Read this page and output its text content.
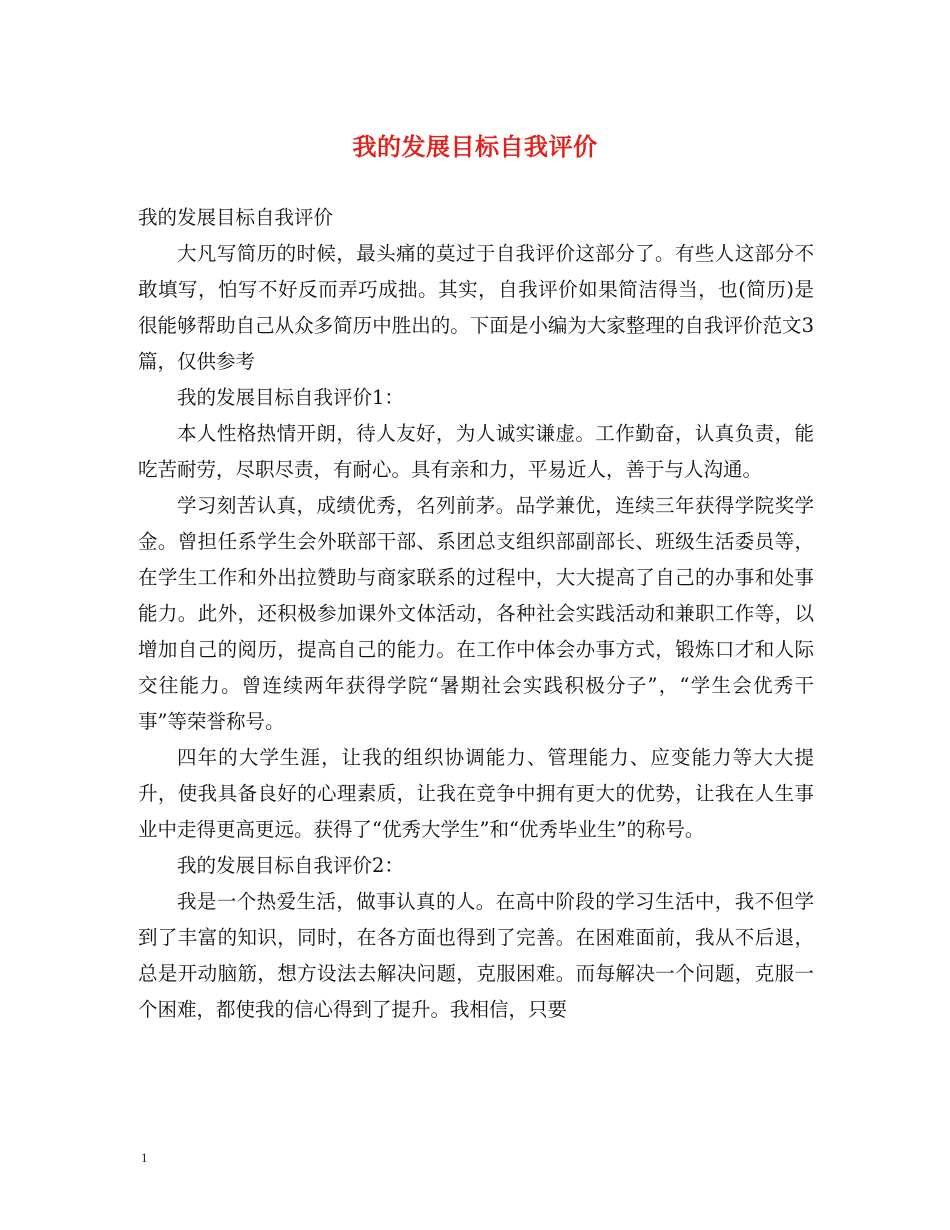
我的发展目标自我评价

我的发展目标自我评价

大凡写简历的时候，最头痛的莫过于自我评价这部分了。有些人这部分不敢填写，怕写不好反而弄巧成拙。其实，自我评价如果简洁得当，也(简历)是很能够帮助自己从众多简历中胜出的。下面是小编为大家整理的自我评价范文3篇，仅供参考

我的发展目标自我评价1：

本人性格热情开朗，待人友好，为人诚实谦虚。工作勤奋，认真负责，能吃苦耐劳，尽职尽责，有耐心。具有亲和力，平易近人，善于与人沟通。

学习刻苦认真，成绩优秀，名列前茅。品学兼优，连续三年获得学院奖学金。曾担任系学生会外联部干部、系团总支组织部副部长、班级生活委员等，在学生工作和外出拉赞助与商家联系的过程中，大大提高了自己的办事和处事能力。此外，还积极参加课外文体活动，各种社会实践活动和兼职工作等，以增加自己的阅历，提高自己的能力。在工作中体会办事方式，锻炼口才和人际交往能力。曾连续两年获得学院“暑期社会实践积极分子”，“学生会优秀干事”等荣誉称号。

四年的大学生涯，让我的组织协调能力、管理能力、应变能力等大大提升，使我具备良好的心理素质，让我在竞争中拥有更大的优势，让我在人生事业中走得更高更远。获得了“优秀大学生”和“优秀毕业生”的称号。

我的发展目标自我评价2：

我是一个热爱生活，做事认真的人。在高中阶段的学习生活中，我不但学到了丰富的知识，同时，在各方面也得到了完善。在困难面前，我从不后退，总是开动脑筋，想方设法去解决问题，克服困难。而每解决一个问题，克服一个困难，都使我的信心得到了提升。我相信，只要

1
